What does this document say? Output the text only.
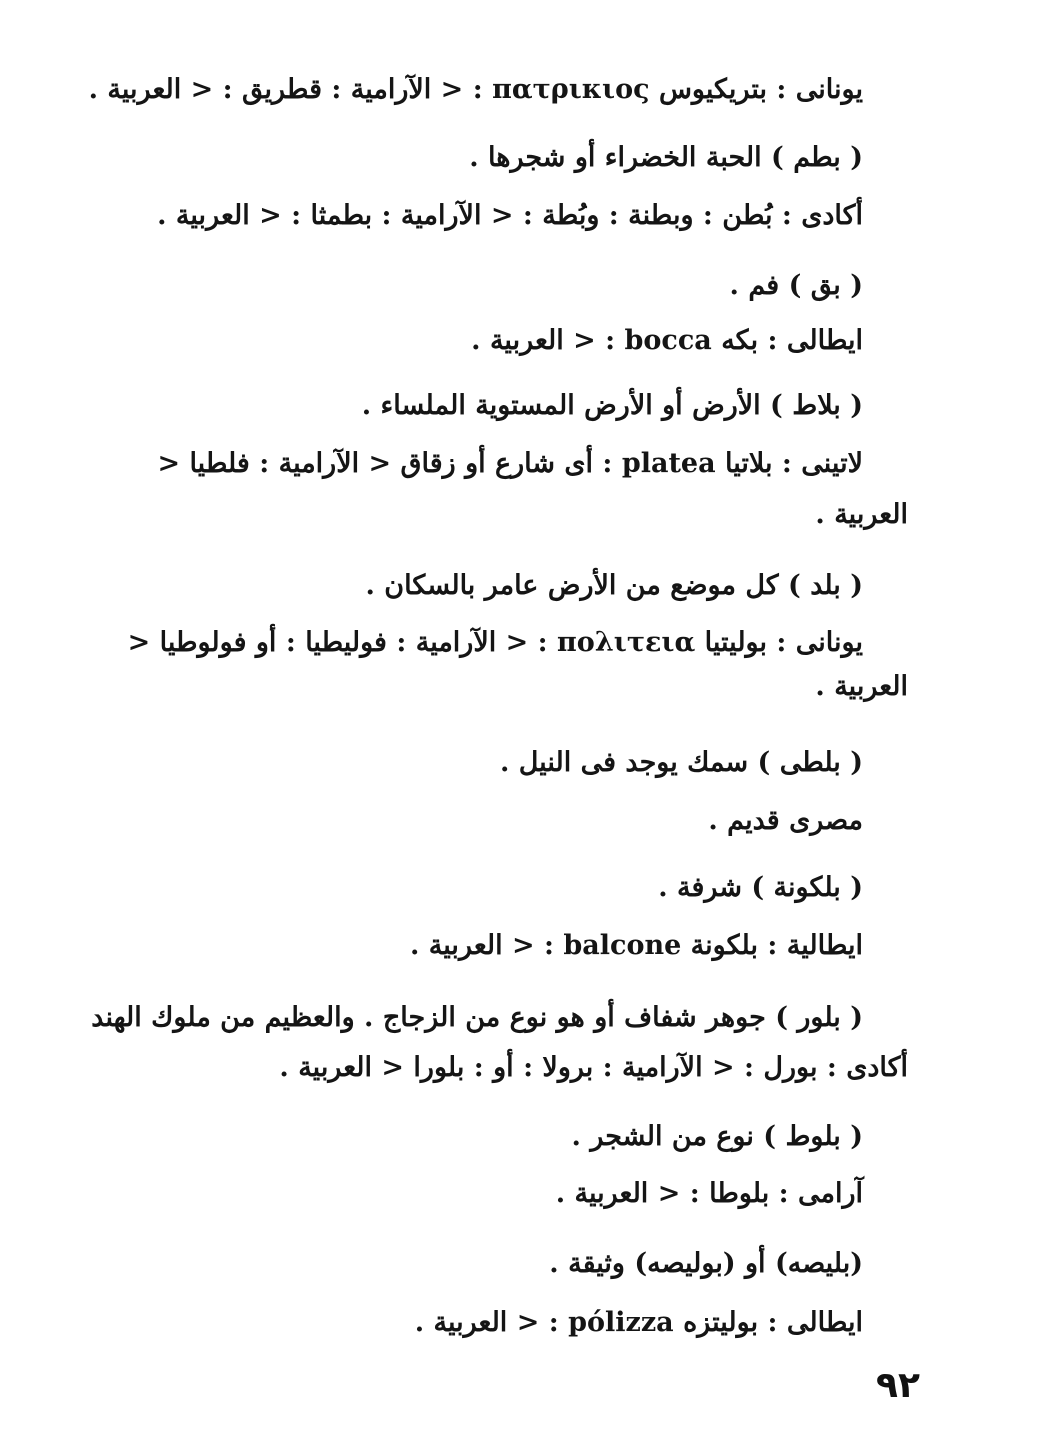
يونانى : بتريكيوس πατρικιος : < الآرامية : قطريق : < العربية .
( بطم ) الحبة الخضراء أو شجرها .
أكادى : بُطن : وبطنة : وبُطة : < الآرامية : بطمثا : < العربية .
( بق ) فم .
ايطالى : بكه bocca : < العربية .
( بلاط ) الأرض أو الأرض المستوية الملساء .
لاتينى : بلاتيا platea : أى شارع أو زقاق < الآرامية : فلطيا <
العربية .
( بلد ) كل موضع من الأرض عامر بالسكان .
يونانى : بوليتيا πολιτεια : < الآرامية : فوليطيا : أو فولوطيا <
العربية .
( بلطى ) سمك يوجد فى النيل .
مصرى قديم .
( بلكونة ) شرفة .
ايطالية : بلكونة balcone : < العربية .
( بلور ) جوهر شفاف أو هو نوع من الزجاج . والعظيم من ملوك الهند
أكادى : بورل : < الآرامية : برولا : أو : بلورا < العربية .
( بلوط ) نوع من الشجر .
آرامى : بلوطا : < العربية .
(بليصه) أو (بوليصه) وثيقة .
ايطالى : بوليتزه pólizza : < العربية .
٩٢
